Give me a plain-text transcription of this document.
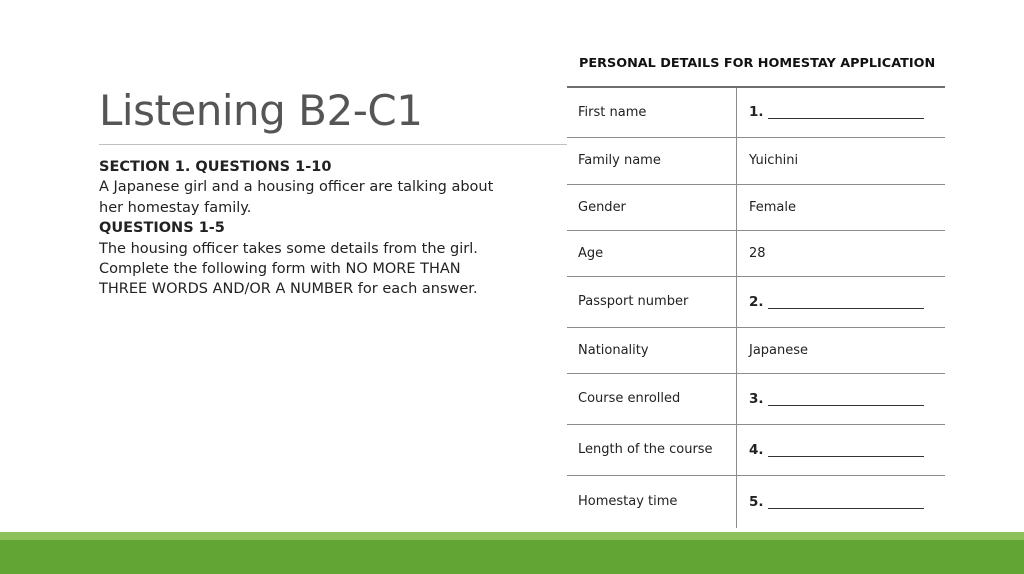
Listening B2-C1
SECTION 1. QUESTIONS 1-10
A Japanese girl and a housing officer are talking about
her homestay family.
QUESTIONS 1-5
The housing officer takes some details from the girl.
Complete the following form with NO MORE THAN
THREE WORDS AND/OR A NUMBER for each answer.
PERSONAL DETAILS FOR HOMESTAY APPLICATION
First name	1.
Family name	Yuichini
Gender	Female
Age	28
Passport number	2.
Nationality	Japanese
Course enrolled	3.
Length of the course	4.
Homestay time	5.
